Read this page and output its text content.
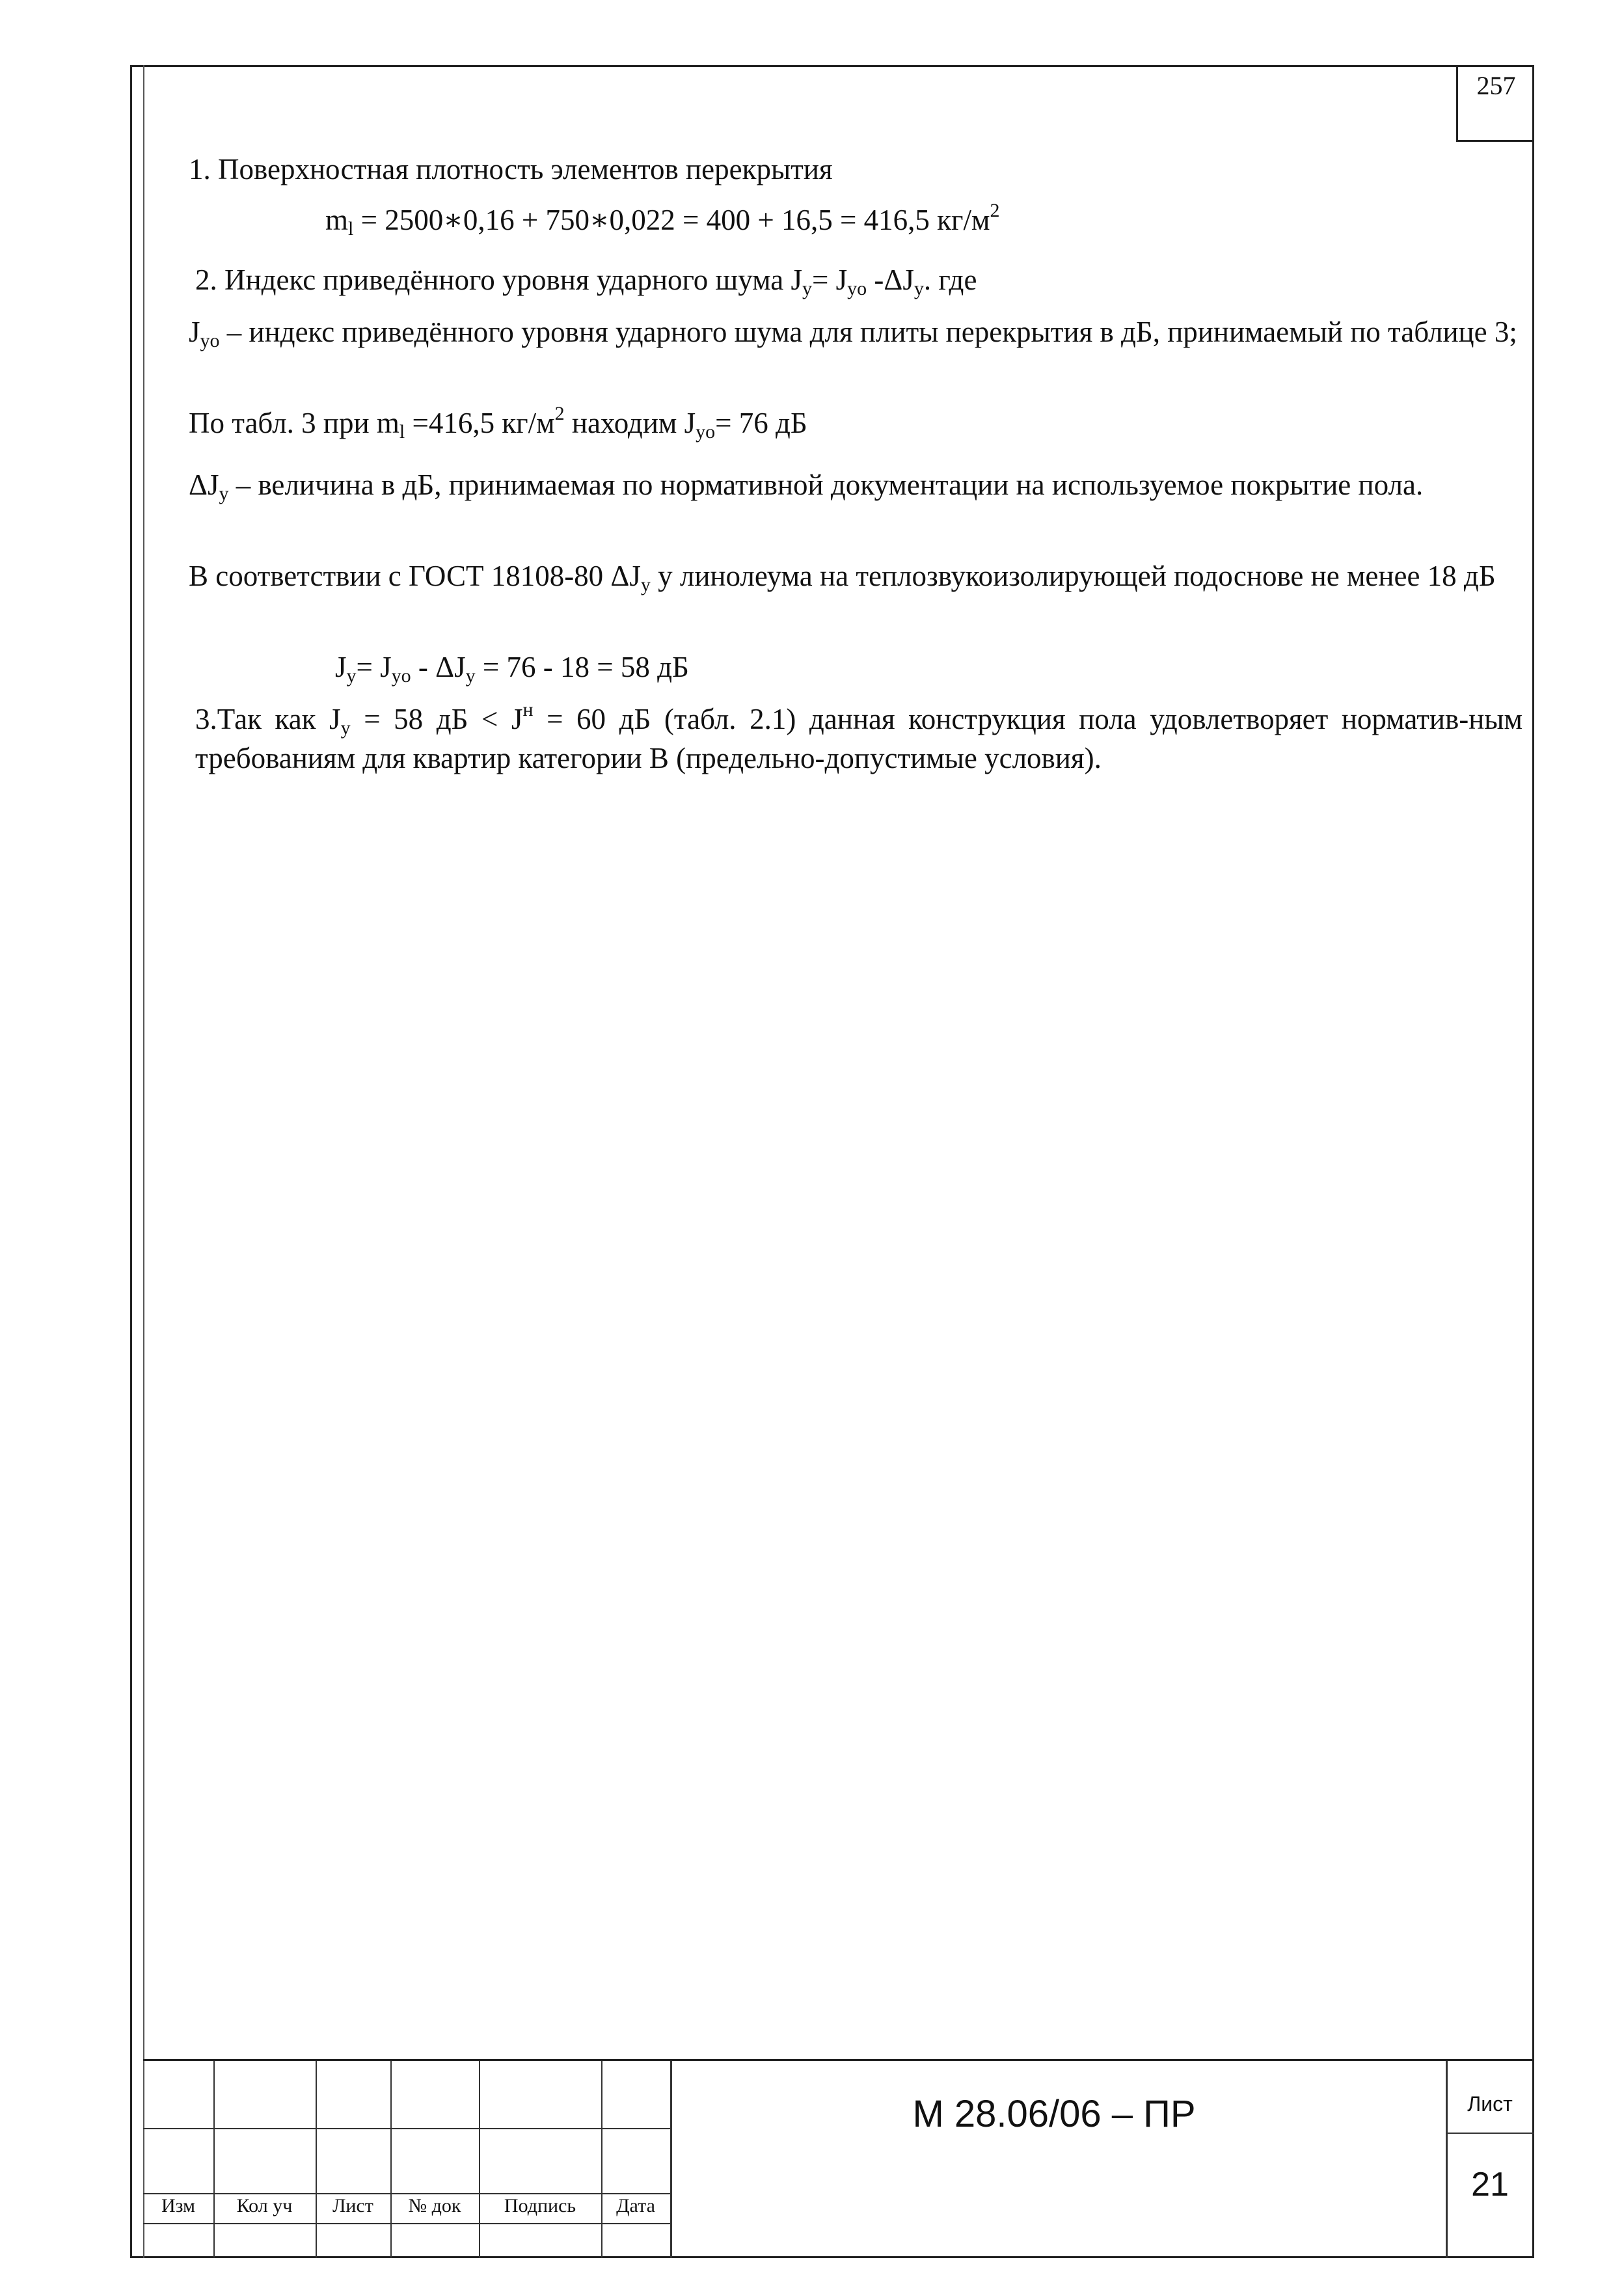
257

1. Поверхностная плотность элементов перекрытия

$m_l$ = 2500∗0,16 + 750∗0,022 = 400 + 16,5 = 416,5 $кг/м^2$

2. Индекс приведённого уровня ударного шума $J_y= J_{yo}$ $-\Delta J_y$. где

$J_{yo}$ – индекс приведённого уровня ударного шума для плиты перекрытия в дБ, принимаемый по таблице 3;

По табл. 3 при $m_l =416,5$ $кг/м^2$ находим $J_{yo}= 76$ дБ

$\Delta J_y$ – величина в дБ, принимаемая по нормативной документации на используемое покрытие пола.

В соответствии с ГОСТ 18108-80 $\Delta J_y$ у линолеума на теплозвукоизолирующей подоснове не менее 18 дБ

$J_y= J_{yo} - \Delta J_y = 76 - 18 = 58$ дБ

3.Так как $J_y = 58$ дБ < $J^н = 60$ дБ (табл. 2.1) данная конструкция пола удовлетворяет норматив-ным требованиям для квартир категории В (предельно-допустимые условия).

Изм	Кол уч	Лист	№ док	Подпись	Дата
М 28.06/06 – ПР	Лист
21
